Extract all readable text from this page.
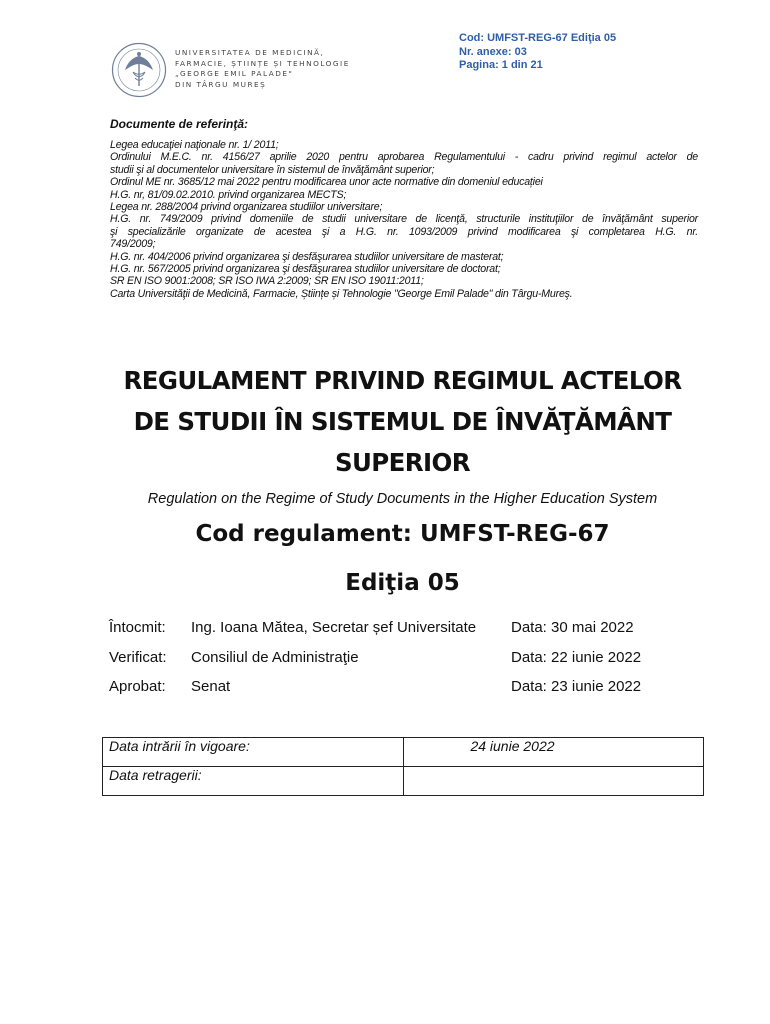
UNIVERSITATEA DE MEDICINĂ,
FARMACIE, ȘTIINȚE ȘI TEHNOLOGIE
„GEORGE EMIL PALADE"
DIN TÂRGU MUREȘ
Cod: UMFST-REG-67 Ediţia 05
Nr. anexe: 03
Pagina: 1 din 21
Documente de referinţă:
Legea educaţiei naţionale nr. 1/ 2011;
Ordinului M.E.C. nr. 4156/27 aprilie 2020 pentru aprobarea Regulamentului - cadru privind regimul actelor de
studii şi al documentelor universitare în sistemul de învăţământ superior;
Ordinul ME nr. 3685/12 mai 2022 pentru modificarea unor acte normative din domeniul educației
H.G. nr, 81/09.02.2010. privind organizarea MECTS;
Legea nr. 288/2004 privind organizarea studiilor universitare;
H.G. nr. 749/2009 privind domeniile de studii universitare de licenţă, structurile instituţiilor de învăţământ superior
şi specializările organizate de acestea şi a H.G. nr. 1093/2009 privind modificarea şi completarea H.G. nr.
749/2009;
H.G. nr. 404/2006 privind organizarea şi desfăşurarea studiilor universitare de masterat;
H.G. nr. 567/2005 privind organizarea şi desfăşurarea studiilor universitare de doctorat;
SR EN ISO 9001:2008; SR ISO IWA 2:2009; SR EN ISO 19011:2011;
Carta Universităţii de Medicină, Farmacie, Științe și Tehnologie "George Emil Palade" din Târgu-Mureş.
REGULAMENT PRIVIND REGIMUL ACTELOR
DE STUDII ÎN SISTEMUL DE ÎNVĂŢĂMÂNT
SUPERIOR
Regulation on the Regime of Study Documents in the Higher Education System
Cod regulament: UMFST-REG-67
Ediţia 05
Întocmit: Ing. Ioana Mătea, Secretar șef Universitate Data: 30 mai 2022
Verificat: Consiliul de Administraţie	Data: 22 iunie 2022
Aprobat: Senat	Data: 23 iunie 2022
Data intrării în vigoare:	24 iunie 2022
Data retragerii:	
